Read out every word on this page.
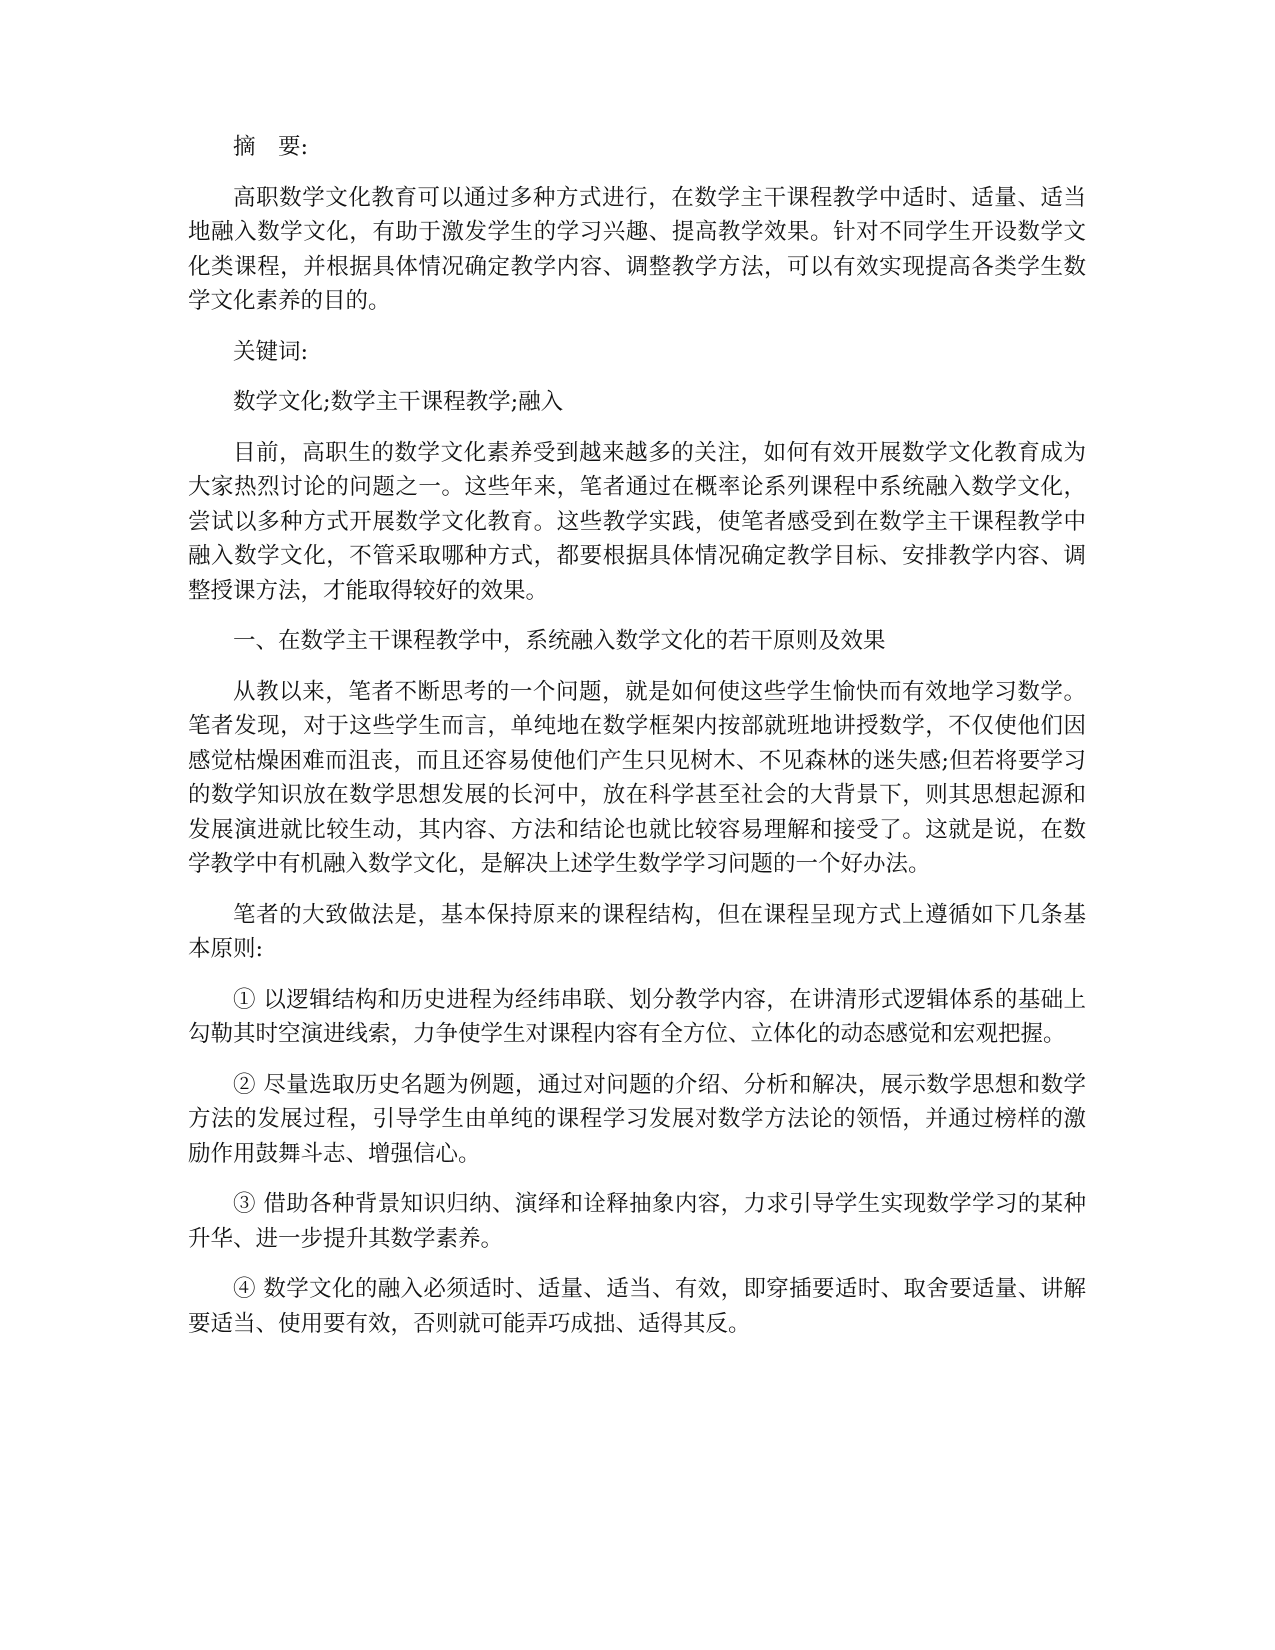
摘　要:

高职数学文化教育可以通过多种方式进行，在数学主干课程教学中适时、适量、适当地融入数学文化，有助于激发学生的学习兴趣、提高教学效果。针对不同学生开设数学文化类课程，并根据具体情况确定教学内容、调整教学方法，可以有效实现提高各类学生数学文化素养的目的。

关键词:

数学文化;数学主干课程教学;融入

目前，高职生的数学文化素养受到越来越多的关注，如何有效开展数学文化教育成为大家热烈讨论的问题之一。这些年来，笔者通过在概率论系列课程中系统融入数学文化，尝试以多种方式开展数学文化教育。这些教学实践，使笔者感受到在数学主干课程教学中融入数学文化，不管采取哪种方式，都要根据具体情况确定教学目标、安排教学内容、调整授课方法，才能取得较好的效果。

一、在数学主干课程教学中，系统融入数学文化的若干原则及效果

从教以来，笔者不断思考的一个问题，就是如何使这些学生愉快而有效地学习数学。笔者发现，对于这些学生而言，单纯地在数学框架内按部就班地讲授数学，不仅使他们因感觉枯燥困难而沮丧，而且还容易使他们产生只见树木、不见森林的迷失感;但若将要学习的数学知识放在数学思想发展的长河中，放在科学甚至社会的大背景下，则其思想起源和发展演进就比较生动，其内容、方法和结论也就比较容易理解和接受了。这就是说，在数学教学中有机融入数学文化，是解决上述学生数学学习问题的一个好办法。

笔者的大致做法是，基本保持原来的课程结构，但在课程呈现方式上遵循如下几条基本原则:

① 以逻辑结构和历史进程为经纬串联、划分教学内容，在讲清形式逻辑体系的基础上勾勒其时空演进线索，力争使学生对课程内容有全方位、立体化的动态感觉和宏观把握。

② 尽量选取历史名题为例题，通过对问题的介绍、分析和解决，展示数学思想和数学方法的发展过程，引导学生由单纯的课程学习发展对数学方法论的领悟，并通过榜样的激励作用鼓舞斗志、增强信心。

③ 借助各种背景知识归纳、演绎和诠释抽象内容，力求引导学生实现数学学习的某种升华、进一步提升其数学素养。

④ 数学文化的融入必须适时、适量、适当、有效，即穿插要适时、取舍要适量、讲解要适当、使用要有效，否则就可能弄巧成拙、适得其反。
